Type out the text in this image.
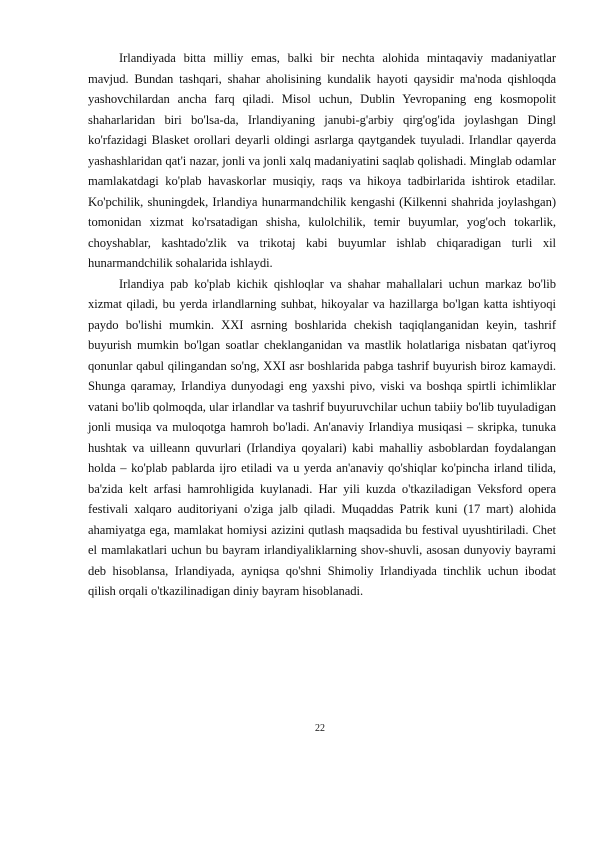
Irlandiyada bitta milliy emas, balki bir nechta alohida mintaqaviy madaniyatlar mavjud. Bundan tashqari, shahar aholisining kundalik hayoti qaysidir ma'noda qishloqda yashovchilardan ancha farq qiladi. Misol uchun, Dublin Yevropaning eng kosmopolit shaharlaridan biri bo'lsa-da, Irlandiyaning janubi-g'arbiy qirg'og'ida joylashgan Dingl ko'rfazidagi Blasket orollari deyarli oldingi asrlarga qaytgandek tuyuladi. Irlandlar qayerda yashashlaridan qat'i nazar, jonli va jonli xalq madaniyatini saqlab qolishadi. Minglab odamlar mamlakatdagi ko'plab havaskorlar musiqiy, raqs va hikoya tadbirlarida ishtirok etadilar. Ko'pchilik, shuningdek, Irlandiya hunarmandchilik kengashi (Kilkenni shahrida joylashgan) tomonidan xizmat ko'rsatadigan shisha, kulolchilik, temir buyumlar, yog'och tokarlik, choyshablar, kashtado'zlik va trikotaj kabi buyumlar ishlab chiqaradigan turli xil hunarmandchilik sohalarida ishlaydi.

Irlandiya pab ko'plab kichik qishloqlar va shahar mahallalari uchun markaz bo'lib xizmat qiladi, bu yerda irlandlarning suhbat, hikoyalar va hazillarga bo'lgan katta ishtiyoqi paydo bo'lishi mumkin. XXI asrning boshlarida chekish taqiqlanganidan keyin, tashrif buyurish mumkin bo'lgan soatlar cheklanganidan va mastlik holatlariga nisbatan qat'iyroq qonunlar qabul qilingandan so'ng, XXI asr boshlarida pabga tashrif buyurish biroz kamaydi. Shunga qaramay, Irlandiya dunyodagi eng yaxshi pivo, viski va boshqa spirtli ichimliklar vatani bo'lib qolmoqda, ular irlandlar va tashrif buyuruvchilar uchun tabiiy bo'lib tuyuladigan jonli musiqa va muloqotga hamroh bo'ladi. An'anaviy Irlandiya musiqasi – skripka, tunuka hushtak va uilleann quvurlari (Irlandiya qoyalari) kabi mahalliy asboblardan foydalangan holda – ko'plab pablarda ijro etiladi va u yerda an'anaviy qo'shiqlar ko'pincha irland tilida, ba'zida kelt arfasi hamrohligida kuylanadi. Har yili kuzda o'tkaziladigan Veksford opera festivali xalqaro auditoriyani o'ziga jalb qiladi. Muqaddas Patrik kuni (17 mart) alohida ahamiyatga ega, mamlakat homiysi azizini qutlash maqsadida bu festival uyushtiriladi. Chet el mamlakatlari uchun bu bayram irlandiyaliklarning shov-shuvli, asosan dunyoviy bayrami deb hisoblansa, Irlandiyada, ayniqsa qo'shni Shimoliy Irlandiyada tinchlik uchun ibodat qilish orqali o'tkazilinadigan diniy bayram hisoblanadi.

22
